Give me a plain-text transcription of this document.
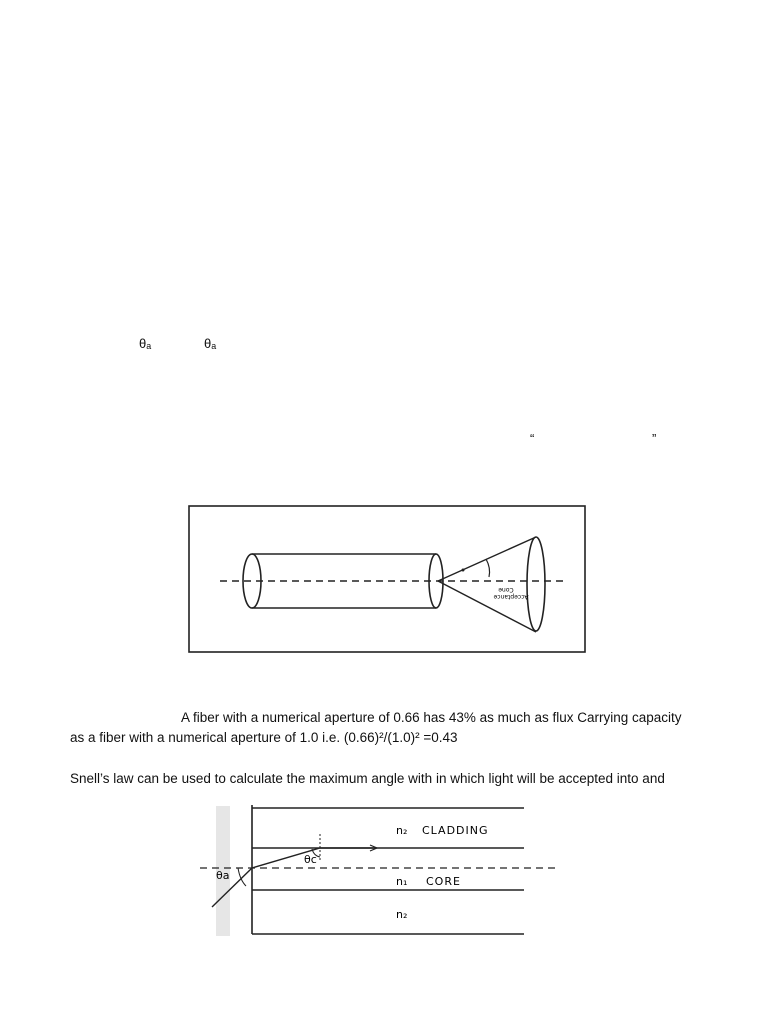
θₐ	θₐ
“	”
Acceptance
Cone
A fiber with a numerical aperture of 0.66 has 43% as much as flux Carrying capacity
as a fiber with a numerical aperture of 1.0 i.e. (0.66)²/(1.0)² =0.43
Snell’s law can be used to calculate the maximum angle with in which light will be accepted into and
n₂ CLADDING
n₁ CORE
n₂
θa
θc
